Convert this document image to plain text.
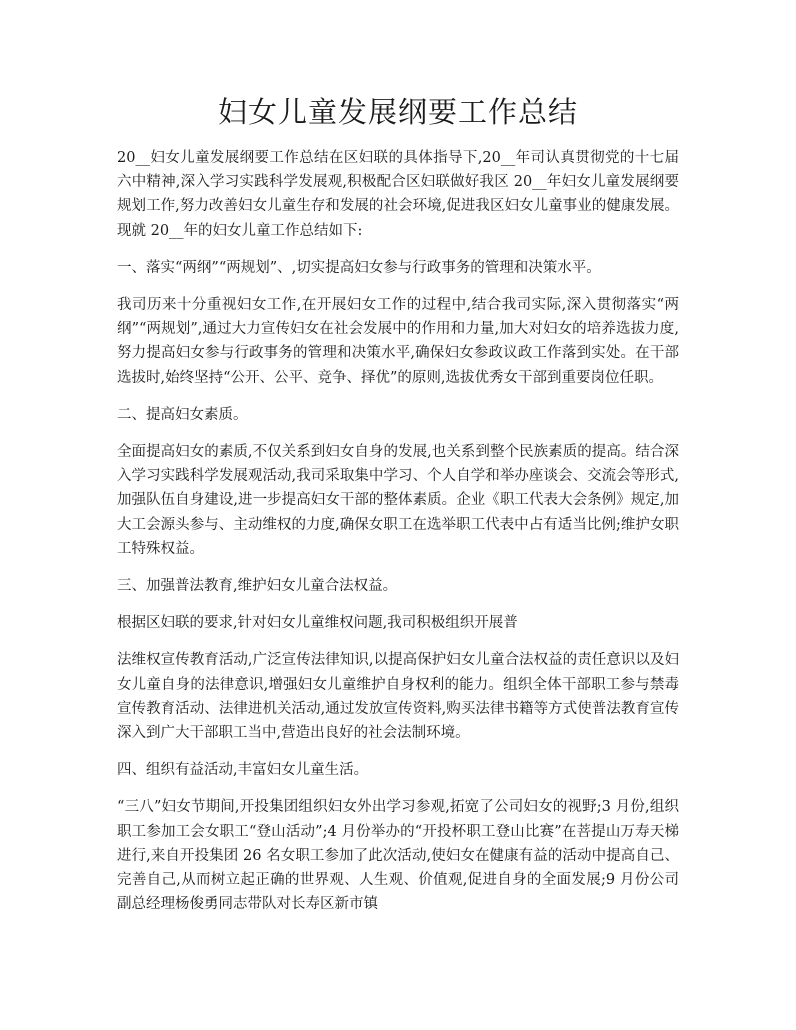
妇女儿童发展纲要工作总结

20__妇女儿童发展纲要工作总结在区妇联的具体指导下,20__年司认真贯彻党的十七届六中精神,深入学习实践科学发展观,积极配合区妇联做好我区 20__年妇女儿童发展纲要规划工作,努力改善妇女儿童生存和发展的社会环境,促进我区妇女儿童事业的健康发展。现就 20__年的妇女儿童工作总结如下:

一、落实“两纲”“两规划”、,切实提高妇女参与行政事务的管理和决策水平。

我司历来十分重视妇女工作,在开展妇女工作的过程中,结合我司实际,深入贯彻落实“两纲”“两规划”,通过大力宣传妇女在社会发展中的作用和力量,加大对妇女的培养选拔力度,努力提高妇女参与行政事务的管理和决策水平,确保妇女参政议政工作落到实处。在干部选拔时,始终坚持“公开、公平、竞争、择优”的原则,选拔优秀女干部到重要岗位任职。

二、提高妇女素质。

全面提高妇女的素质,不仅关系到妇女自身的发展,也关系到整个民族素质的提高。结合深入学习实践科学发展观活动,我司采取集中学习、个人自学和举办座谈会、交流会等形式,加强队伍自身建设,进一步提高妇女干部的整体素质。企业《职工代表大会条例》规定,加大工会源头参与、主动维权的力度,确保女职工在选举职工代表中占有适当比例;维护女职工特殊权益。

三、加强普法教育,维护妇女儿童合法权益。

根据区妇联的要求,针对妇女儿童维权问题,我司积极组织开展普

法维权宣传教育活动,广泛宣传法律知识,以提高保护妇女儿童合法权益的责任意识以及妇女儿童自身的法律意识,增强妇女儿童维护自身权利的能力。组织全体干部职工参与禁毒宣传教育活动、法律进机关活动,通过发放宣传资料,购买法律书籍等方式使普法教育宣传深入到广大干部职工当中,营造出良好的社会法制环境。

四、组织有益活动,丰富妇女儿童生活。

“三八”妇女节期间,开投集团组织妇女外出学习参观,拓宽了公司妇女的视野;3 月份,组织职工参加工会女职工“登山活动”;4 月份举办的“开投杯职工登山比赛”在菩提山万寿天梯进行,来自开投集团 26 名女职工参加了此次活动,使妇女在健康有益的活动中提高自己、完善自己,从而树立起正确的世界观、人生观、价值观,促进自身的全面发展;9 月份公司副总经理杨俊勇同志带队对长寿区新市镇
